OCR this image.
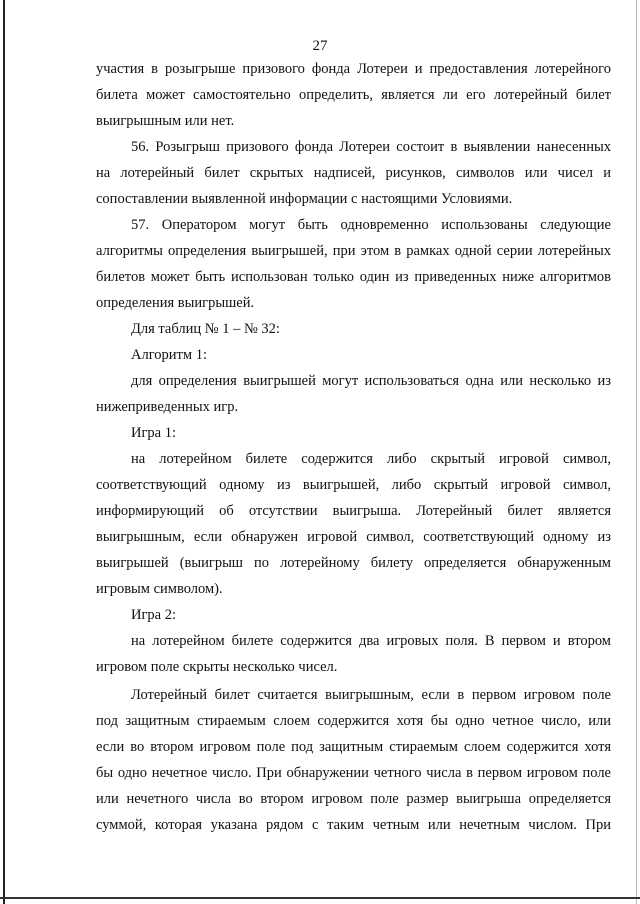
27
участия в розыгрыше призового фонда Лотереи и предоставления лотерейного
билета может самостоятельно определить, является ли его лотерейный билет
выигрышным или нет.
56. Розыгрыш призового фонда Лотереи состоит в выявлении нанесенных
на лотерейный билет скрытых надписей, рисунков, символов или чисел и
сопоставлении выявленной информации с настоящими Условиями.
57. Оператором могут быть одновременно использованы следующие
алгоритмы определения выигрышей, при этом в рамках одной серии лотерейных
билетов может быть использован только один из приведенных ниже алгоритмов
определения выигрышей.
Для таблиц № 1 – № 32:
Алгоритм 1:
для определения выигрышей могут использоваться одна или несколько из
нижеприведенных игр.
Игра 1:
на лотерейном билете содержится либо скрытый игровой символ,
соответствующий одному из выигрышей, либо скрытый игровой символ,
информирующий об отсутствии выигрыша. Лотерейный билет является
выигрышным, если обнаружен игровой символ, соответствующий одному из
выигрышей (выигрыш по лотерейному билету определяется обнаруженным
игровым символом).
Игра 2:
на лотерейном билете содержится два игровых поля. В первом и втором
игровом поле скрыты несколько чисел.
Лотерейный билет считается выигрышным, если в первом игровом поле
под защитным стираемым слоем содержится хотя бы одно четное число, или
если во втором игровом поле под защитным стираемым слоем содержится хотя
бы одно нечетное число. При обнаружении четного числа в первом игровом поле
или нечетного числа во втором игровом поле размер выигрыша определяется
суммой, которая указана рядом с таким четным или нечетным числом. При
